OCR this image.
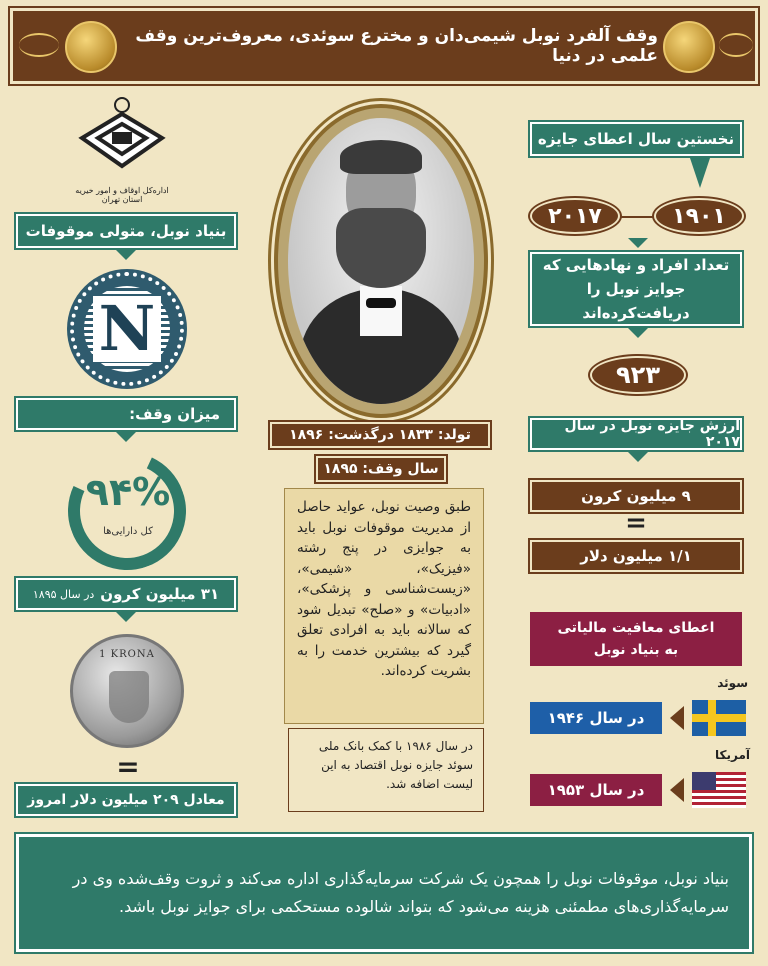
وقف آلفرد نوبل شیمی‌دان و مخترع سوئدی، معروف‌ترین وقف علمی در دنیا
اداره‌کل اوقاف و امور خیریه استان تهران
بنیاد نوبل، متولی موقوفات
N
میزان وقف:
۹۴%
کل دارایی‌ها
۳۱ میلیون کرون
در سال ۱۸۹۵
1 KRONA
=
معادل ۲۰۹ میلیون دلار امروز
تولد: ۱۸۳۳ درگذشت: ۱۸۹۶
سال وقف: ۱۸۹۵

طبق وصیت نوبل، عواید حاصل از مدیریت موقوفات نوبل باید به جوایزی در پنج رشته «فیزیک»، «شیمی»، «زیست‌شناسی و پزشکی»، «ادبیات» و «صلح» تبدیل شود که سالانه باید به افرادی تعلق گیرد که بیشترین خدمت را به بشریت کرده‌اند.

در سال ۱۹۸۶ با کمک بانک ملی سوئد جایزه نوبل اقتصاد به این لیست اضافه شد.

نخستین سال اعطای جایزه
۱۹۰۱
۲۰۱۷
تعداد افراد و نهادهایی که جوایز نوبل را دریافت‌کرده‌اند
۹۲۳
ارزش جایزه نوبل در سال ۲۰۱۷
۹ میلیون کرون
=
۱/۱ میلیون دلار
اعطای معافیت مالیاتی به بنیاد نوبل
سوئد
در سال ۱۹۴۶
آمریکا
در سال ۱۹۵۳

بنیاد نوبل، موقوفات نوبل را همچون یک شرکت سرمایه‌گذاری اداره می‌کند و ثروت وقف‌شده وی در سرمایه‌گذاری‌های مطمئنی هزینه می‌شود که بتواند شالوده مستحکمی برای جوایز نوبل باشد.
